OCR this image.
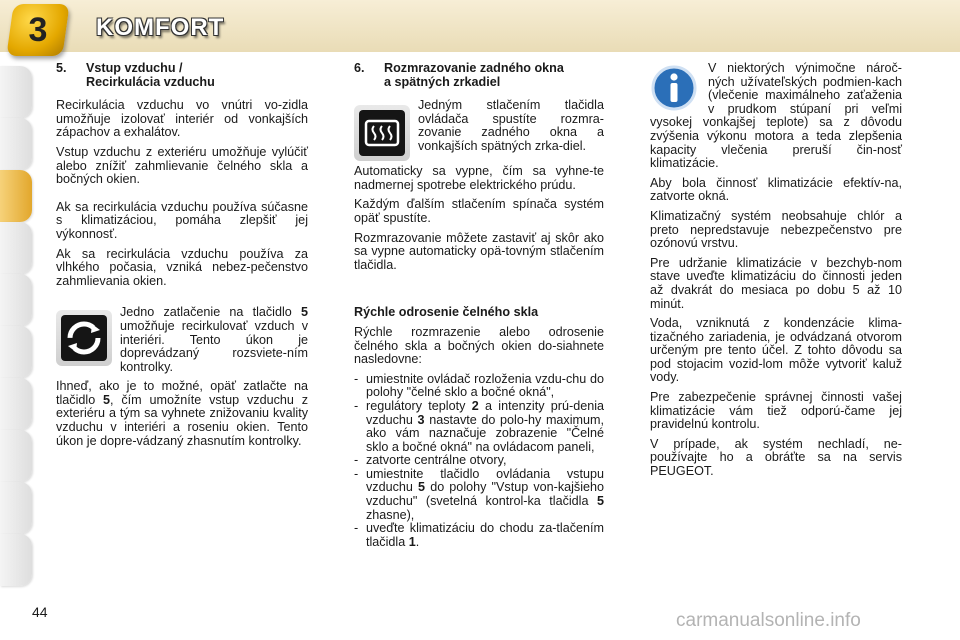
3	KOMFORT
5.	Vstup vzduchu /
Recirkulácia vzduchu

Recirkulácia vzduchu vo vnútri vo-zidla umožňuje izolovať interiér od vonkajších zápachov a exhalátov.

Vstup vzduchu z exteriéru umožňuje vylúčiť alebo znížiť zahmlievanie čelného skla a bočných okien.

Ak sa recirkulácia vzduchu používa súčasne s klimatizáciou, pomáha zlepšiť jej výkonnosť.

Ak sa recirkulácia vzduchu používa za vlhkého počasia, vzniká nebez-pečenstvo zahmlievania okien.

Jedno zatlačenie na tlačidlo 5 umožňuje recirkulovať vzduch v interiéri. Tento úkon je doprevádzaný rozsviete-ním kontrolky.

Ihneď, ako je to možné, opäť zatlačte na tlačidlo 5, čím umožníte vstup vzduchu z exteriéru a tým sa vyhnete znižovaniu kvality vzduchu v interiéri a roseniu okien. Tento úkon je dopre-vádzaný zhasnutím kontrolky.

6.	Rozmrazovanie zadného okna
a spätných zrkadiel

Jedným stlačením tlačidla ovládača spustíte rozmra-zovanie zadného okna a vonkajších spätných zrka-diel.

Automaticky sa vypne, čím sa vyhne-te nadmernej spotrebe elektrického prúdu.

Každým ďalším stlačením spínača systém opäť spustíte.

Rozmrazovanie môžete zastaviť aj skôr ako sa vypne automaticky opä-tovným stlačením tlačidla.

Rýchle odrosenie čelného skla

Rýchle rozmrazenie alebo odrosenie čelného skla a bočných okien do-siahnete nasledovne:

- umiestnite ovládač rozloženia vzdu-chu do polohy "čelné sklo a bočné okná",
- regulátory teploty 2 a intenzity prú-denia vzduchu 3 nastavte do polo-hy maximum, ako vám naznačuje zobrazenie "Čelné sklo a bočné okná" na ovládacom paneli,
- zatvorte centrálne otvory,
- umiestnite tlačidlo ovládania vstupu vzduchu 5 do polohy "Vstup von-kajšieho vzduchu" (svetelná kontrol-ka tlačidla 5 zhasne),
- uveďte klimatizáciu do chodu za-tlačením tlačidla 1.

V niektorých výnimočne nároč-ných užívateľských podmien-kach (vlečenie maximálneho zaťaženia v prudkom stúpaní pri veľmi vysokej vonkajšej teplote) sa z dôvodu zvýšenia výkonu motora a teda zlepšenia kapacity vlečenia preruší čin-nosť klimatizácie.

Aby bola činnosť klimatizácie efektív-na, zatvorte okná.

Klimatizačný systém neobsahuje chlór a preto nepredstavuje nebezpečenstvo pre ozónovú vrstvu.

Pre udržanie klimatizácie v bezchyb-nom stave uveďte klimatizáciu do činnosti jeden až dvakrát do mesiaca po dobu 5 až 10 minút.

Voda, vzniknutá z kondenzácie klima-tizačného zariadenia, je odvádzaná otvorom určeným pre tento účel. Z tohto dôvodu sa pod stojacim vozid-lom môže vytvoriť kaluž vody.

Pre zabezpečenie správnej činnosti vašej klimatizácie vám tiež odporú-čame jej pravidelnú kontrolu.

V prípade, ak systém nechladí, ne-používajte ho a obráťte sa na servis PEUGEOT.

44	carmanualsonline.info
